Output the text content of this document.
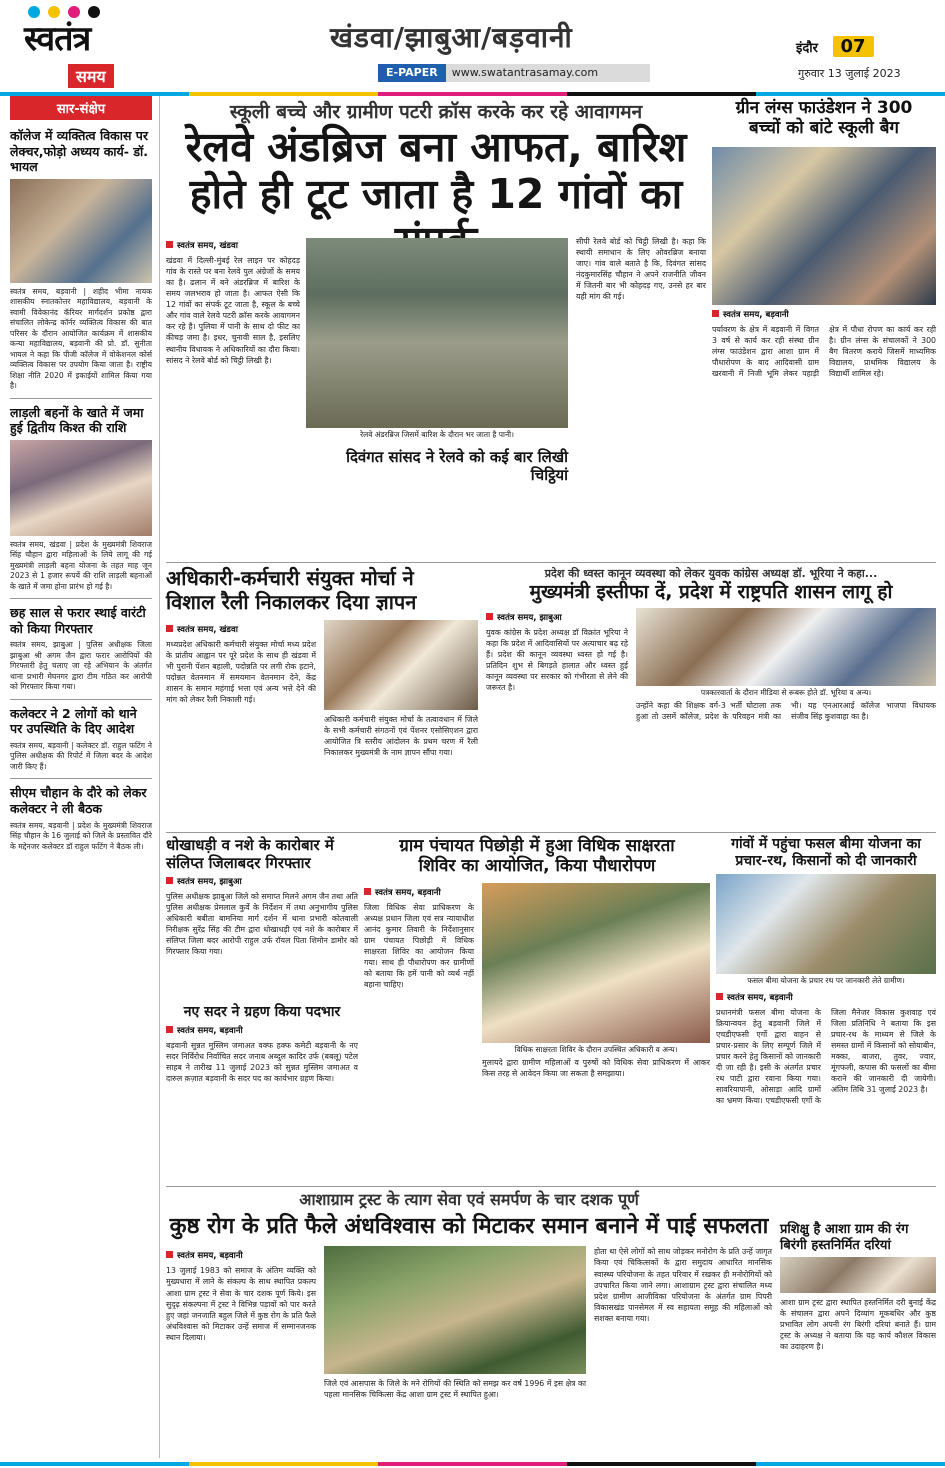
स्वतंत्र
समय
खंडवा/झाबुआ/बड़वानी
E-PAPER www.swatantrasamay.com
इंदौर 07
गुरुवार 13 जुलाई 2023
सार-संक्षेप
कॉलेज में व्यक्तित्व विकास पर लेक्चर,फोड़ो अध्यय कार्य- डॉ. भायल
स्वतंत्र समय, बड़वानी | शहीद भीमा नायक शासकीय स्नातकोत्तर महाविद्यालय, बड़वानी के स्वामी विवेकानंद कॅरियर मार्गदर्शन प्रकोष्ठ द्वारा संचालित लोकेन्द्र कॉर्नर व्यक्तित्व विकास की बात परिसर के दौरान आयोजित कार्यक्रम में शासकीय कन्या महाविद्यालय, बड़वानी की प्रो. डॉ. सुनीता भायल ने कहा कि पीजी कॉलेज में वोकेशनल कोर्स व्यक्तित्व विकास पर उपयोग किया जाता है। राष्ट्रीय शिक्षा नीति 2020 में इकाईयों शामिल किया गया है।
लाड़ली बहनों के खाते में जमा हुई द्वितीय किश्त की राशि
स्वतंत्र समय, खंडवा | प्रदेश के मुख्यमंत्री शिवराज सिंह चौहान द्वारा महिलाओं के लिये लागू की गई मुख्यमंत्री लाड़ली बहना योजना के तहत माह जून 2023 से 1 हजार रूपयें की राशि लाड़ली बहनाओं के खाते में जमा होना प्रारंभ हो गई है।
छह साल से फरार स्थाई वारंटी को किया गिरफ्तार
स्वतंत्र समय, झाबुआ | पुलिस अधीक्षक जिला झाबुआ श्री अगम जैन द्वारा फरार आरोपियों की गिरफ्तारी हेतु चलाए जा रहे अभियान के अंतर्गत थाना प्रभारी मेघनगर द्वारा टीम गठित कर आरोपी को गिरफ्तार किया गया।
कलेक्टर ने 2 लोगों को थाने पर उपस्थिति के दिए आदेश
स्वतंत्र समय, बड़वानी | कलेक्टर डॉ. राहुल फटिंग ने पुलिस अधीक्षक की रिपोर्ट में जिला बदर के आदेश जारी किए हैं।
सीएम चौहान के दौरे को लेकर कलेक्टर ने ली बैठक
स्वतंत्र समय, बड़वानी | प्रदेश के मुख्यमंत्री शिवराज सिंह चौहान के 16 जुलाई को जिले के प्रस्तावित दौरे के मद्देनजर कलेक्टर डॉ राहुल फटिंग ने बैठक ली।
स्कूली बच्चे और ग्रामीण पटरी क्रॉस करके कर रहे आवागमन
रेलवे अंडब्रिज बना आफत, बारिश
होते ही टूट जाता है 12 गांवों का
स्वतंत्र समय, खंडवा
खंडवा में दिल्ली-मुंबई रेल लाइन पर कोहदड़ गांव के रास्ते पर बना रेलवे पुल अंग्रेजों के समय का है। ढलान में बने अंडरब्रिज में बारिश के समय जलभराव हो जाता है। आफत ऐसी कि 12 गांवों का संपर्क टूट जाता है, स्कूल के बच्चे और गांव वाले रेलवे पटरी क्रॉस करके आवागमन कर रहे है। पुलिया में पानी के साथ दो फीट का कीचड़ जमा है। इधर, चुनावी साल है, इसलिए स्थानीय विधायक ने अधिकारियों का दौरा किया। सांसद ने रेलवे बोर्ड को चिट्ठी लिखी है।
रेलवे अंडरब्रिज जिसमें बारिश के दौरान भर जाता है पानी।
दिवंगत सांसद ने रेलवे को कई बार लिखी चिट्ठियां
सीपी रेलवे बोर्ड को चिट्ठी लिखी है। कहा कि स्थायी समाधान के लिए ओवरब्रिज बनाया जाए। गांव वाले बताते है कि, दिवंगत सांसद नंदकुमारसिंह चौहान ने अपने राजनीति जीवन में जितनी बार भी कोहदड़ गए, उनसे हर बार यही मांग की गई।
ग्रीन लंग्स फाउंडेशन ने 300
बच्चों को बांटे स्कूली बैग
स्वतंत्र समय, बड़वानी
पर्यावरण के क्षेत्र में बड़वानी में विगत 3 वर्ष से कार्य कर रही संस्था ग्रीन लंग्स फाउंडेशन द्वारा आशा ग्राम में पौधारोपण के बाद आदिवासी ग्राम खरवानी में निजी भूमि लेकर पहाड़ी क्षेत्र में पौधा रोपण का कार्य कर रही है। ग्रीन लंग्स के संचालकों ने 300 बैग वितरण कराये जिसमें माध्यमिक विद्यालय, प्राथमिक विद्यालय के विद्यार्थी शामिल रहे।
अधिकारी-कर्मचारी संयुक्त मोर्चा ने
विशाल रैली निकालकर दिया ज्ञापन
स्वतंत्र समय, खंडवा
मध्यप्रदेश अधिकारी कर्मचारी संयुक्त मोर्चा मध्य प्रदेश के प्रांतीय आह्वान पर पूरे प्रदेश के साथ ही खंडवा में भी पुरानी पेंशन बहाली, पदोन्नति पर लगी रोक हटाने, पदोन्नत वेतनमान में समयमान वेतनमान देने, केंद्र शासन के समान महंगाई भत्ता एवं अन्य भत्ते देने की मांग को लेकर रैली निकाली गई।
अधिकारी कर्मचारी संयुक्त मोर्चा के तत्वावधान में जिले के सभी कर्मचारी संगठनों एवं पेंशनर एसोसिएशन द्वारा आयोजित त्रि स्तरीय आंदोलन के प्रथम चरण में रैली निकालकर मुख्यमंत्री के नाम ज्ञापन सौंपा गया।
प्रदेश की ध्वस्त कानून व्यवस्था को लेकर युवक कांग्रेस अध्यक्ष डॉ. भूरिया ने कहा...
मुख्यमंत्री इस्तीफा दें, प्रदेश में राष्ट्रपति शासन लागू हो
स्वतंत्र समय, झाबुआ
युवक कांग्रेस के प्रदेश अध्यक्ष डॉ विक्रांत भूरिया ने कहा कि प्रदेश में आदिवासियों पर अत्याचार बढ़ रहे हैं। प्रदेश की कानून व्यवस्था ध्वस्त हो गई है। प्रतिदिन शुभ से बिगड़ते हालात और ध्वस्त हुई कानून व्यवस्था पर सरकार को गंभीरता से लेने की जरूरत है।
पत्रकारवार्ता के दौरान मीडिया से रूबरू होते डॉ. भूरिया व अन्य।
उन्होंने कहा की शिक्षक वर्ग-3 भर्ती घोटाला तक हुआ तो उसमें कॉलेज, प्रदेश के परिवहन मंत्री का भी। यह एनआरआई कॉलेज भाजपा विधायक संजीव सिंह कुशवाहा का है।
धोखाधड़ी व नशे के कारोबार में
संलिप्त जिलाबदर गिरफ्तार
स्वतंत्र समय, झाबुआ
पुलिस अधीक्षक झाबुआ जिले को समाप्त मिलने अगम जैन तथा अति पुलिस अधीक्षक प्रेमलाल कुर्वे के निर्देशन में तथा अनुभागीय पुलिस अधिकारी बबीता बामनिया मार्ग दर्शन में थाना प्रभारी कोतवाली निरीक्षक सुरेंद्र सिंह की टीम द्वारा धोखाधड़ी एवं नशे के कारोबार में संलिप्त जिला बदर आरोपी राहुल उर्फ रॉयल पिता शिमोन डामोर को गिरफ्तार किया गया।
नए सदर ने ग्रहण किया पदभार
स्वतंत्र समय, बड़वानी
बड़वानी सुन्नत मुस्लिम जमाअत वक्फ हक्फ कमेटी बड़वानी के नए सदर निर्विरोध निर्वाचित सदर जनाब अब्दुल कादिर उर्फ (बबलू) पटेल साहब ने तारीख 11 जुलाई 2023 को सुन्नत मुस्लिम जमाअत व दारुल क़ज़ात बड़वानी के सदर पद का कार्यभार ग्रहण किया।
ग्राम पंचायत पिछोड़ी में हुआ विधिक साक्षरता
शिविर का आयोजित, किया पौधारोपण
स्वतंत्र समय, बड़वानी
जिला विधिक सेवा प्राधिकरण के अध्यक्ष प्रधान जिला एवं सत्र न्यायाधीश आनंद कुमार तिवारी के निर्देशानुसार ग्राम पंचायत पिछोड़ी में विधिक साक्षरता शिविर का आयोजन किया गया। साथ ही पौधारोपण कर ग्रामीणों को बताया कि हमें पानी को व्यर्थ नहीं बहाना चाहिए।
विधिक साक्षरता शिविर के दौरान उपस्थित अधिकारी व अन्य।
मुलायदे द्वारा ग्रामीण महिलाओं व पुरुषों को विधिक सेवा प्राधिकरण में आकर किस तरह से आवेदन किया जा सकता है समझाया।
गांवों में पहुंचा फसल बीमा योजना का
प्रचार-रथ, किसानों को दी जानकारी
फसल बीमा योजना के प्रचार रथ पर जानकारी लेते ग्रामीण।
स्वतंत्र समय, बड़वानी
प्रधानमंत्री फसल बीमा योजना के क्रियान्वयन हेतु बड़वानी जिले में एचडीएफसी एर्गो द्वारा वाहन से प्रचार-प्रसार के लिए सम्पूर्ण जिले में प्रचार करने हेतु किसानों को जानकारी दी जा रही है। इसी के अंतर्गत प्रचार रथ पाटी द्वारा रवाना किया गया। सावरियापानी, ओसाड़ा आदि ग्रामों का भ्रमण किया। एचडीएफसी एर्गो के जिला मैनेजर विकास कुशवाह एवं जिला प्रतिनिधि ने बताया कि इस प्रचार-रथ के माध्यम से जिले के समस्त ग्रामों में किसानों को सोयाबीन, मक्का, बाजरा, तुवर, ज्वार, मूंगफली, कपास की फसलों का बीमा कराने की जानकारी दी जायेगी। अंतिम तिथि 31 जुलाई 2023 है।
आशाग्राम ट्रस्ट के त्याग सेवा एवं समर्पण के चार दशक पूर्ण
कुष्ठ रोग के प्रति फैले अंधविश्वास को मिटाकर समान बनाने में पाई सफलता
स्वतंत्र समय, बड़वानी
13 जुलाई 1983 को समाज के अंतिम व्यक्ति को मुख्यधारा में लाने के संकल्प के साथ स्थापित प्रकल्प आशा ग्राम ट्रस्ट ने सेवा के चार दशक पूर्ण किये। इस सुदृढ़ संकल्पना में ट्रस्ट ने विभिन्न पड़ावों को पार करते हुए जहां जनजाति बहुल जिले में कुष्ठ रोग के प्रति फैले अंधविश्वास को मिटाकर उन्हें समाज में सम्मानजनक स्थान दिलाया।
जिले एवं आसपास के जिले के मने रोगियों की स्थिति को समझ कर वर्ष 1996 में इस क्षेत्र का पहला मानसिक चिकित्सा केंद्र आशा ग्राम ट्रस्ट में स्थापित हुआ।
होता था ऐसे लोगों को साथ जोड़कर मनोरोग के प्रति उन्हें जागृत किया एवं चिकित्सकों के द्वारा समुदाय आधारित मानसिक स्वास्थ्य परियोजना के तहत परिवार में रखकर ही मनोरोगियों को उपचारित किया जाने लगा। आशाग्राम ट्रस्ट द्वारा संचालित मध्य प्रदेश ग्रामीण आजीविका परियोजना के अंतर्गत ग्राम पिपरी विकासखंड पानसेमल में स्व सहायता समूह की महिलाओं को सशक्त बनाया गया।
प्रशिक्षु है आशा ग्राम की रंग
बिरंगी हस्तनिर्मित दरियां
आशा ग्राम ट्रस्ट द्वारा स्थापित हस्तनिर्मित दरी बुनाई केंद्र के संचालन द्वारा अपने दिव्यांग मूकबधिर और कुष्ठ प्रभावित लोग अपनी रंग बिरंगी दरियां बनाते हैं। ग्राम ट्रस्ट के अध्यक्ष ने बताया कि यह कार्य कौशल विकास का उदाहरण है।
